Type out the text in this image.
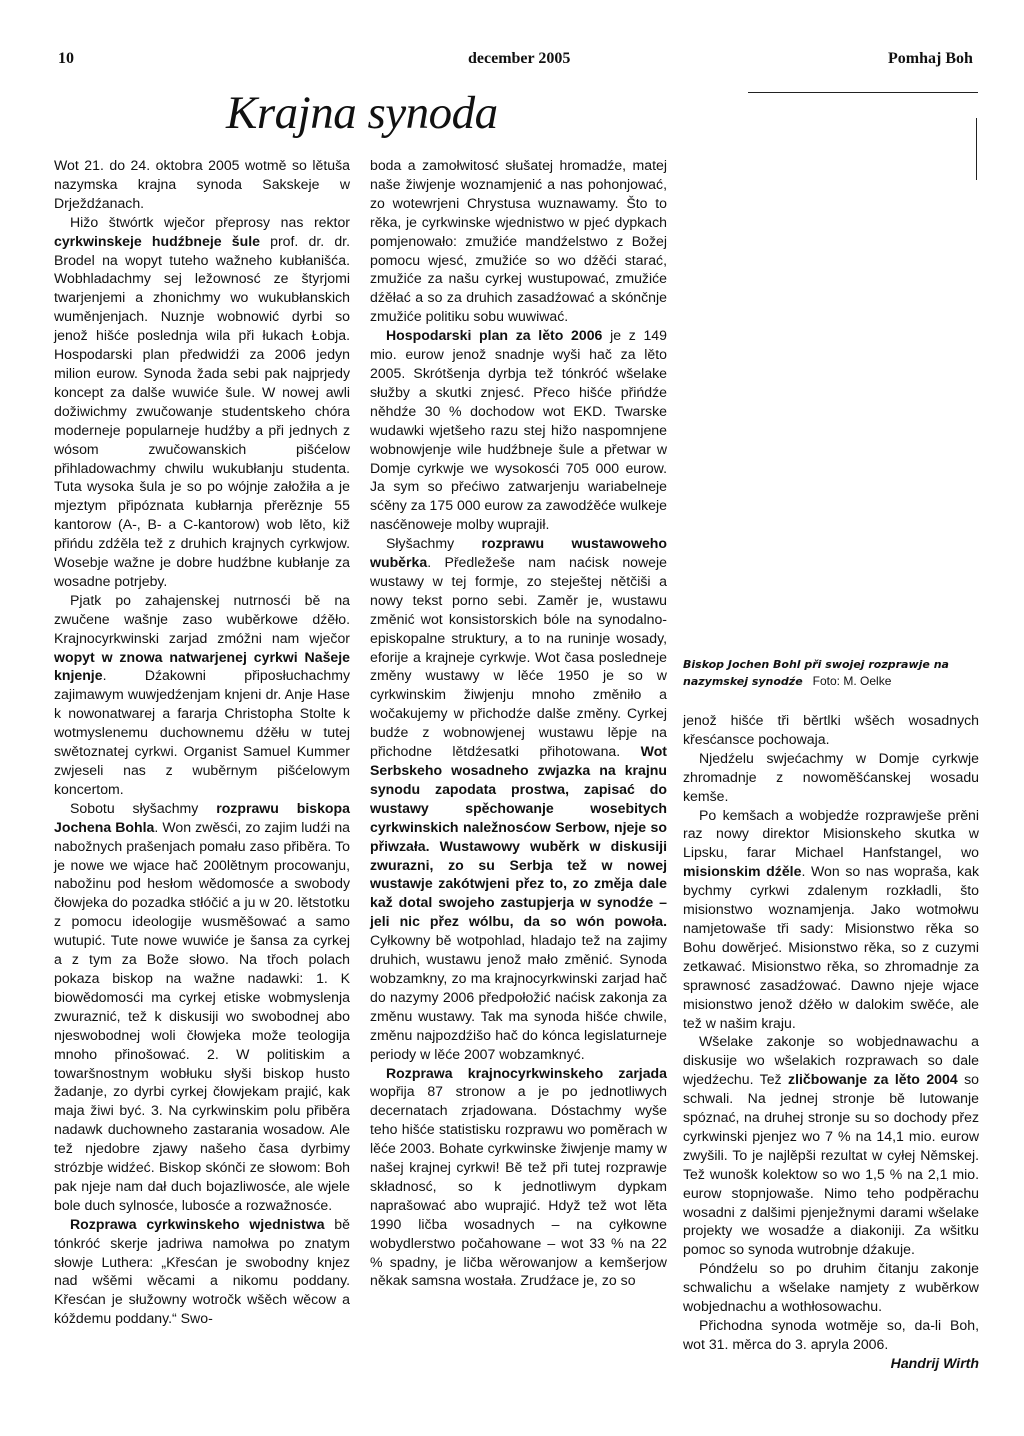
10	december 2005	Pomhaj Boh
Krajna synoda

Wot 21. do 24. oktobra 2005 wotmě so lětuša nazymska krajna synoda Sakskeje w Drježdźanach.

Hižo štwórtk wječor přeprosy nas rektor cyrkwinskeje hudźbneje šule prof. dr. dr. Brodel na wopyt tuteho wažneho kubłanišća. Wobhladachmy sej ležownosć ze štyrjomi twarjenjemi a zhonichmy wo wukubłanskich wuměnjenjach. Nuznje wobnowić dyrbi so jenož hišće poslednja wila při łukach Łobja. Hospodarski plan předwidźi za 2006 jedyn milion eurow. Synoda žada sebi pak najprjedy koncept za dalše wuwiće šule. W nowej awli dožiwichmy zwučowanje studentskeho chóra moderneje popularneje hudźby a při jednych z wósom zwučowanskich pišćelow přihladowachmy chwilu wukubłanju studenta. Tuta wysoka šula je so po wójnje załožiła a je mjeztym připóznata kubłarnja přerěznje 55 kantorow (A-, B- a C-kantorow) wob lěto, kiž přińdu zdźěla tež z druhich krajnych cyrkwjow. Wosebje wažne je dobre hudźbne kubłanje za wosadne potrjeby.

Pjatk po zahajenskej nutrnosći bě na zwučene wašnje zaso wuběrkowe dźěło. Krajnocyrkwinski zarjad zmóžni nam wječor wopyt w znowa natwarjenej cyrkwi Našeje knjenje. Dźakowni připosłuchachmy zajimawym wuwjedźenjam knjeni dr. Anje Hase k nowonatwarej a fararja Christopha Stolte k wotmyslenemu duchownemu dźěłu w tutej swětoznatej cyrkwi. Organist Samuel Kummer zwjeseli nas z wuběrnym pišćelowym koncertom.

Sobotu słyšachmy rozprawu biskopa Jochena Bohla. Won zwěsći, zo zajim ludźi na nabožnych prašenjach pomału zaso přiběra. To je nowe we wjace hač 200lětnym procowanju, nabožinu pod hesłom wědomosće a swobody čłowjeka do pozadka stłóčić a ju w 20. lětstotku z pomocu ideologije wusměšować a samo wutupić. Tute nowe wuwiće je šansa za cyrkej a z tym za Bože słowo. Na třoch polach pokaza biskop na wažne nadawki: 1. K biowědomosći ma cyrkej etiske wobmyslenja zwuraznić, tež k diskusiji wo swobodnej abo njeswobodnej woli čłowjeka može teologija mnoho přinošować. 2. W politiskim a towaršnostnym wobłuku słyši biskop husto žadanje, zo dyrbi cyrkej čłowjekam prajić, kak maja žiwi być. 3. Na cyrkwinskim polu přiběra nadawk duchowneho zastarania wosadow. Ale tež njedobre zjawy našeho časa dyrbimy strózbje widźeć. Biskop skónči ze słowom: Boh pak njeje nam dał duch bojazliwosće, ale wjele bole duch sylnosće, lubosće a rozwažnosće.

Rozprawa cyrkwinskeho wjednistwa bě tónkróć skerje jadriwa namołwa po znatym słowje Luthera: „Křesćan je swobodny knjez nad wšěmi wěcami a nikomu poddany. Křesćan je słužowny wotročk wšěch wěcow a kóždemu poddany.“ Swo-

boda a zamołwitosć słušatej hromadźe, matej naše žiwjenje woznamjenić a nas pohonjować, zo wotewrjeni Chrystusa wuznawamy. Što to rěka, je cyrkwinske wjednistwo w pjeć dypkach pomjenowało: zmužiće mandźelstwo z Božej pomocu wjesć, zmužiće so wo dźěći starać, zmužiće za našu cyrkej wustupować, zmužiće dźěłać a so za druhich zasadźować a skónčnje zmužiće politiku sobu wuwiwać.

Hospodarski plan za lěto 2006 je z 149 mio. eurow jenož snadnje wyši hač za lěto 2005. Skrótšenja dyrbja tež tónkróć wšelake słužby a skutki znjesć. Přeco hišće přińdźe něhdźe 30 % dochodow wot EKD. Twarske wudawki wjetšeho razu stej hižo naspomnjene wobnowjenje wile hudźbneje šule a přetwar w Domje cyrkwje we wysokosći 705 000 eurow. Ja sym so přećiwo zatwarjenju wariabelneje sćěny za 175 000 eurow za zawodźěće wulkeje nasćěnoweje molby wuprajił.

Słyšachmy rozprawu wustawoweho wuběrka. Předležeše nam naćisk noweje wustawy w tej formje, zo steještej nětčiši a nowy tekst porno sebi. Zaměr je, wustawu změnić wot konsistorskich bóle na synodalno-episkopalne struktury, a to na runinje wosady, eforije a krajneje cyrkwje. Wot časa posledneje změny wustawy w lěće 1950 je so w cyrkwinskim žiwjenju mnoho změniło a wočakujemy w přichodźe dalše změny. Cyrkej budźe z wobnowjenej wustawu lěpje na přichodne lětdźesatki přihotowana. Wot Serbskeho wosadneho zwjazka na krajnu synodu zapodata prostwa, zapisać do wustawy spěchowanje wosebitych cyrkwinskich naležnosćow Serbow, njeje so přiwzała. Wustawowy wuběrk w diskusiji zwurazni, zo su Serbja tež w nowej wustawje zakótwjeni přez to, zo změja dale kaž dotal swojeho zastupjerja w synodźe – jeli nic přez wólbu, da so wón powoła. Cyłkowny bě wotpohlad, hladajo tež na zajimy druhich, wustawu jenož mało změnić. Synoda wobzamkny, zo ma krajnocyrkwinski zarjad hač do nazymy 2006 předpołožić naćisk zakonja za změnu wustawy. Tak ma synoda hišće chwile, změnu najpozdźišo hač do kónca legislaturneje periody w lěće 2007 wobzamknyć.

Rozprawa krajnocyrkwinskeho zarjada wopřija 87 stronow a je po jednotliwych decernatach zrjadowana. Dóstachmy wyše teho hišće statistisku rozprawu wo poměrach w lěće 2003. Bohate cyrkwinske žiwjenje mamy w našej krajnej cyrkwi! Bě tež při tutej rozprawje składnosć, so k jednotliwym dypkam naprašować abo wuprajić. Hdyž tež wot lěta 1990 ličba wosadnych – na cyłkowne wobydlerstwo počahowane – wot 33 % na 22 % spadny, je ličba wěrowanjow a kemšerjow někak samsna wostała. Zrudźace je, zo so

Biskop Jochen Bohl při swojej rozprawje na nazymskej synodźe Foto: M. Oelke

jenož hišće tři běrtlki wšěch wosadnych křesćansce pochowaja.

Njedźelu swjećachmy w Domje cyrkwje zhromadnje z nowoměšćanskej wosadu kemše.

Po kemšach a wobjedźe rozprawješe prěni raz nowy direktor Misionskeho skutka w Lipsku, farar Michael Hanfstangel, wo misionskim dźěle. Won so nas wopraša, kak bychmy cyrkwi zdalenym rozkładli, što misionstwo woznamjenja. Jako wotmołwu namjetowaše tři sady: Misionstwo rěka so Bohu dowěrjeć. Misionstwo rěka, so z cuzymi zetkawać. Misionstwo rěka, so zhromadnje za sprawnosć zasadźować. Dawno njeje wjace misionstwo jenož dźěło w dalokim swěće, ale tež w našim kraju.

Wšelake zakonje so wobjednawachu a diskusije wo wšelakich rozprawach so dale wjedźechu. Tež zličbowanje za lěto 2004 so schwali. Na jednej stronje bě lutowanje spóznać, na druhej stronje su so dochody přez cyrkwinski pjenjez wo 7 % na 14,1 mio. eurow zwyšili. To je najlěpši rezultat w cyłej Němskej. Tež wunošk kolektow so wo 1,5 % na 2,1 mio. eurow stopnjowaše. Nimo teho podpěrachu wosadni z dalšimi pjenježnymi darami wšelake projekty we wosadźe a diakoniji. Za wšitku pomoc so synoda wutrobnje dźakuje.

Póndźelu so po druhim čitanju zakonje schwalichu a wšelake namjety z wuběrkow wobjednachu a wothłosowachu.

Přichodna synoda wotměje so, da-li Boh, wot 31. měrca do 3. apryla 2006.

Handrij Wirth
